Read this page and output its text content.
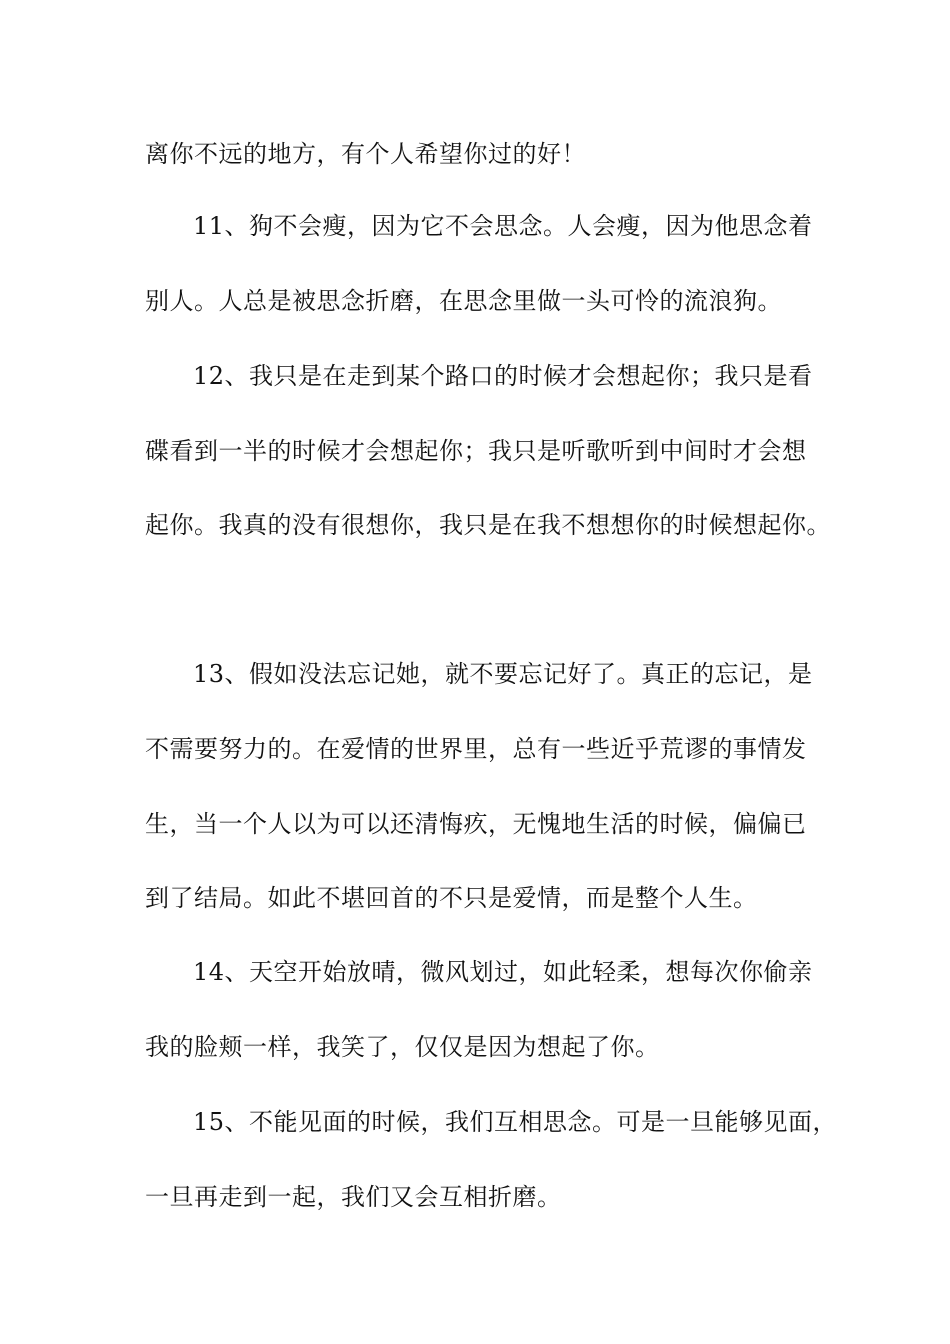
离你不远的地方，有个人希望你过的好！
11、狗不会瘦，因为它不会思念。人会瘦，因为他思念着
别人。人总是被思念折磨，在思念里做一头可怜的流浪狗。
12、我只是在走到某个路口的时候才会想起你；我只是看
碟看到一半的时候才会想起你；我只是听歌听到中间时才会想
起你。我真的没有很想你，我只是在我不想想你的时候想起你。
13、假如没法忘记她，就不要忘记好了。真正的忘记，是
不需要努力的。在爱情的世界里，总有一些近乎荒谬的事情发
生，当一个人以为可以还清悔疚，无愧地生活的时候，偏偏已
到了结局。如此不堪回首的不只是爱情，而是整个人生。
14、天空开始放晴，微风划过，如此轻柔，想每次你偷亲
我的脸颊一样，我笑了，仅仅是因为想起了你。
15、不能见面的时候，我们互相思念。可是一旦能够见面，
一旦再走到一起，我们又会互相折磨。
